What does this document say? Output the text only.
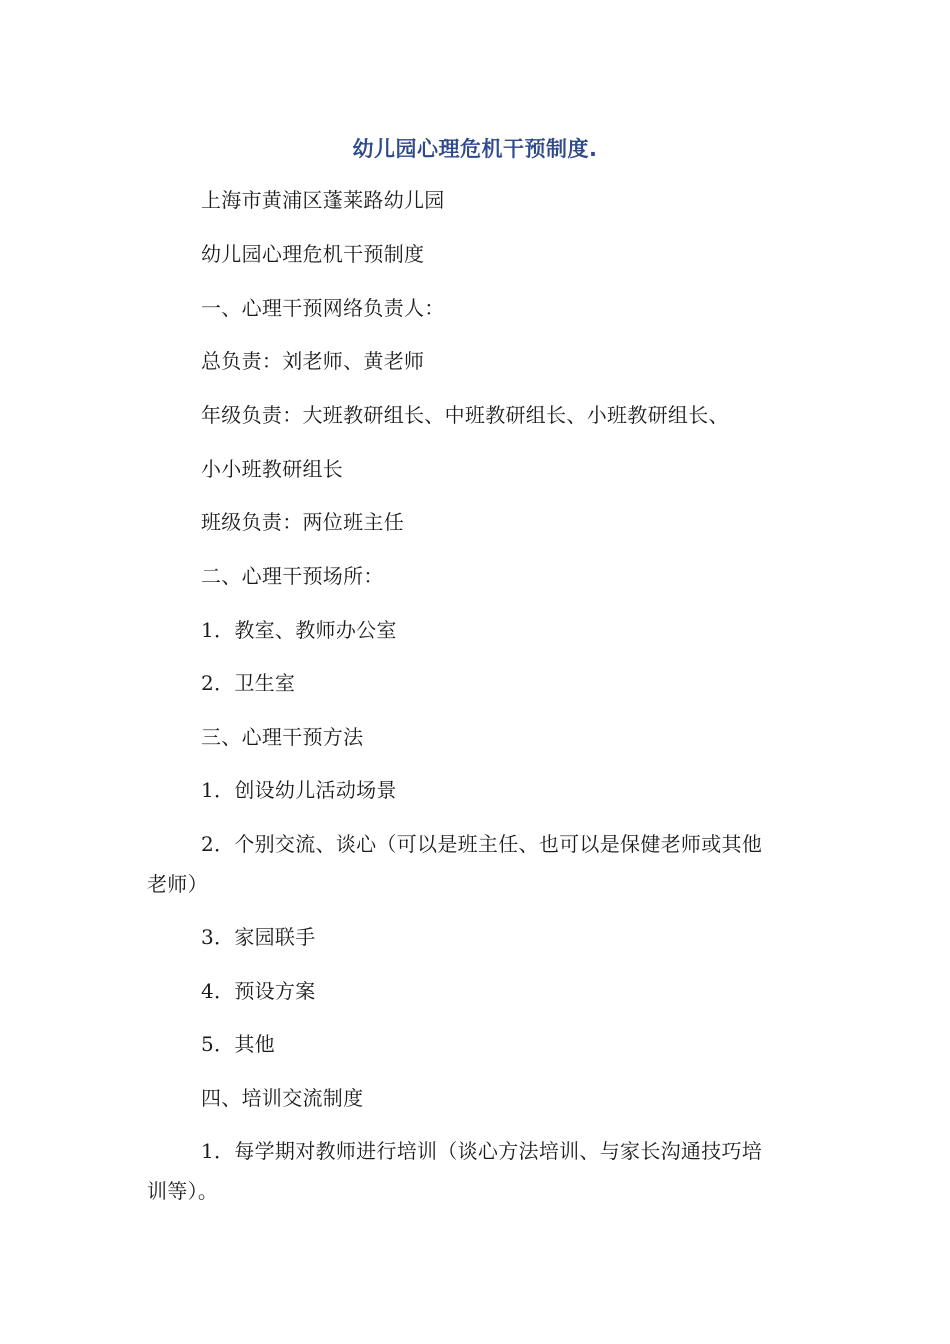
幼儿园心理危机干预制度.
上海市黄浦区蓬莱路幼儿园
幼儿园心理危机干预制度
一、心理干预网络负责人：
总负责：刘老师、黄老师
年级负责：大班教研组长、中班教研组长、小班教研组长、
小小班教研组长
班级负责：两位班主任
二、心理干预场所：
1．教室、教师办公室
2．卫生室
三、心理干预方法
1．创设幼儿活动场景
2．个别交流、谈心（可以是班主任、也可以是保健老师或其他
老师）
3．家园联手
4．预设方案
5．其他
四、培训交流制度
1．每学期对教师进行培训（谈心方法培训、与家长沟通技巧培
训等）。
